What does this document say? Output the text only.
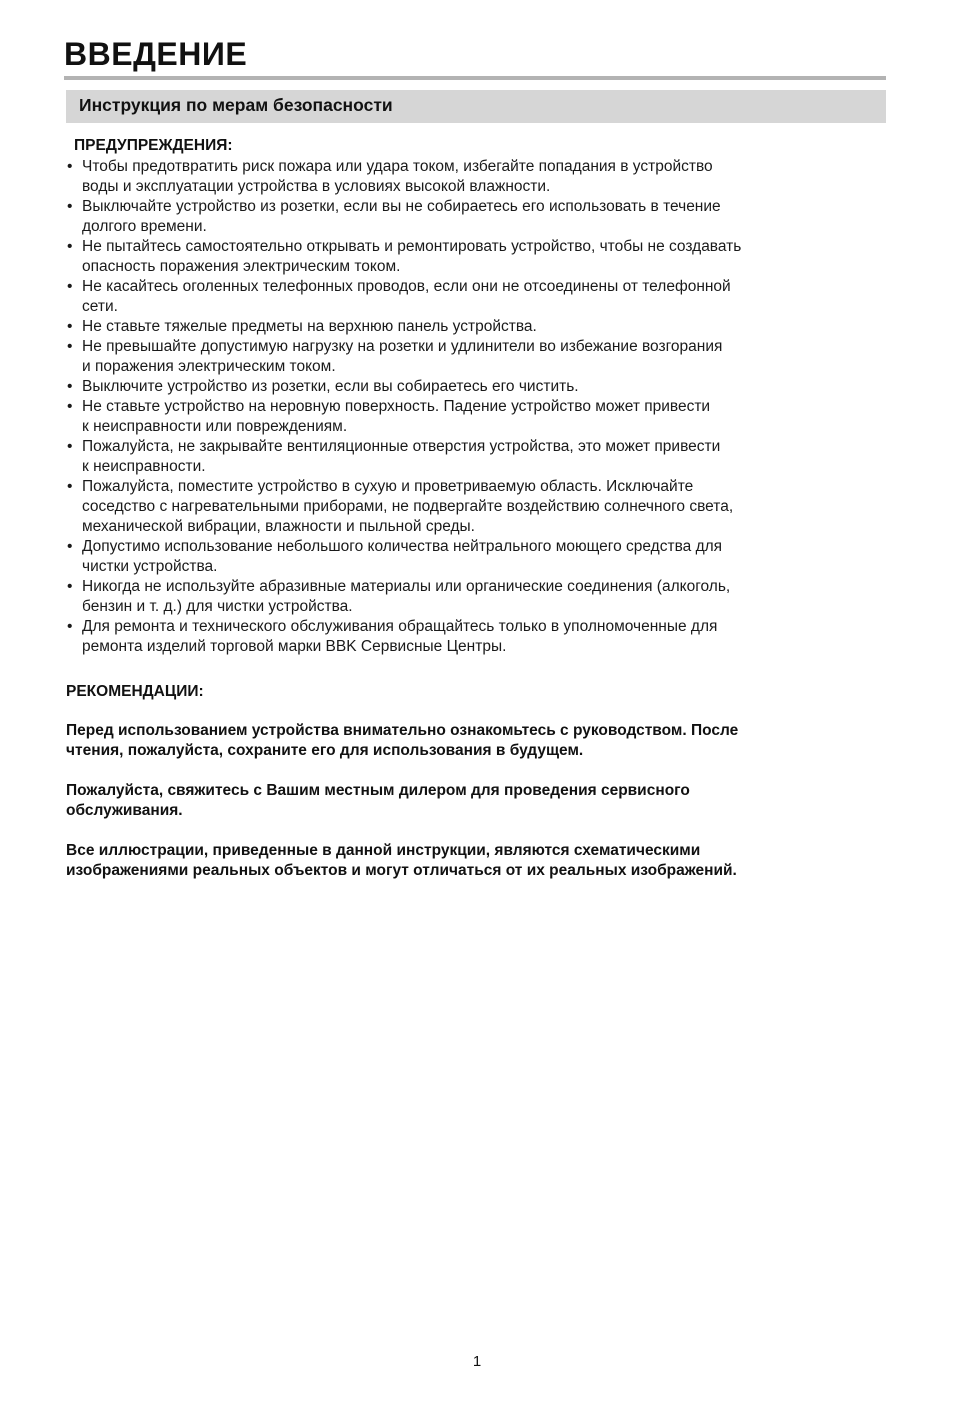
ВВЕДЕНИЕ
Инструкция по мерам безопасности
ПРЕДУПРЕЖДЕНИЯ:
• Чтобы предотвратить риск пожара или удара током, избегайте попадания в устройство
воды и эксплуатации устройства в условиях высокой влажности.
• Выключайте устройство из розетки, если вы не собираетесь его использовать в течение
долгого времени.
• Не пытайтесь самостоятельно открывать и ремонтировать устройство, чтобы не создавать
опасность поражения электрическим током.
• Не касайтесь оголенных телефонных проводов, если они не отсоединены от телефонной
сети.
• Не ставьте тяжелые предметы на верхнюю панель устройства.
• Не превышайте допустимую нагрузку на розетки и удлинители во избежание возгорания
и поражения электрическим током.
• Выключите устройство из розетки, если вы собираетесь его чистить.
• Не ставьте устройство на неровную поверхность. Падение устройство может привести
к неисправности или повреждениям.
• Пожалуйста, не закрывайте вентиляционные отверстия устройства, это может привести
к неисправности.
• Пожалуйста, поместите устройство в сухую и проветриваемую область. Исключайте
соседство с нагревательными приборами, не подвергайте воздействию солнечного света,
механической вибрации, влажности и пыльной среды.
• Допустимо использование небольшого количества нейтрального моющего средства для
чистки устройства.
• Никогда не используйте абразивные материалы или органические соединения (алкоголь,
бензин и т. д.) для чистки устройства.
• Для ремонта и технического обслуживания обращайтесь только в уполномоченные для
ремонта изделий торговой марки BBK Сервисные Центры.
РЕКОМЕНДАЦИИ:

Перед использованием устройства внимательно ознакомьтесь с руководством. После
чтения, пожалуйста, сохраните его для использования в будущем.

Пожалуйста, свяжитесь с Вашим местным дилером для проведения сервисного
обслуживания.

Все иллюстрации, приведенные в данной инструкции, являются схематическими
изображениями реальных объектов и могут отличаться от их реальных изображений.

1
